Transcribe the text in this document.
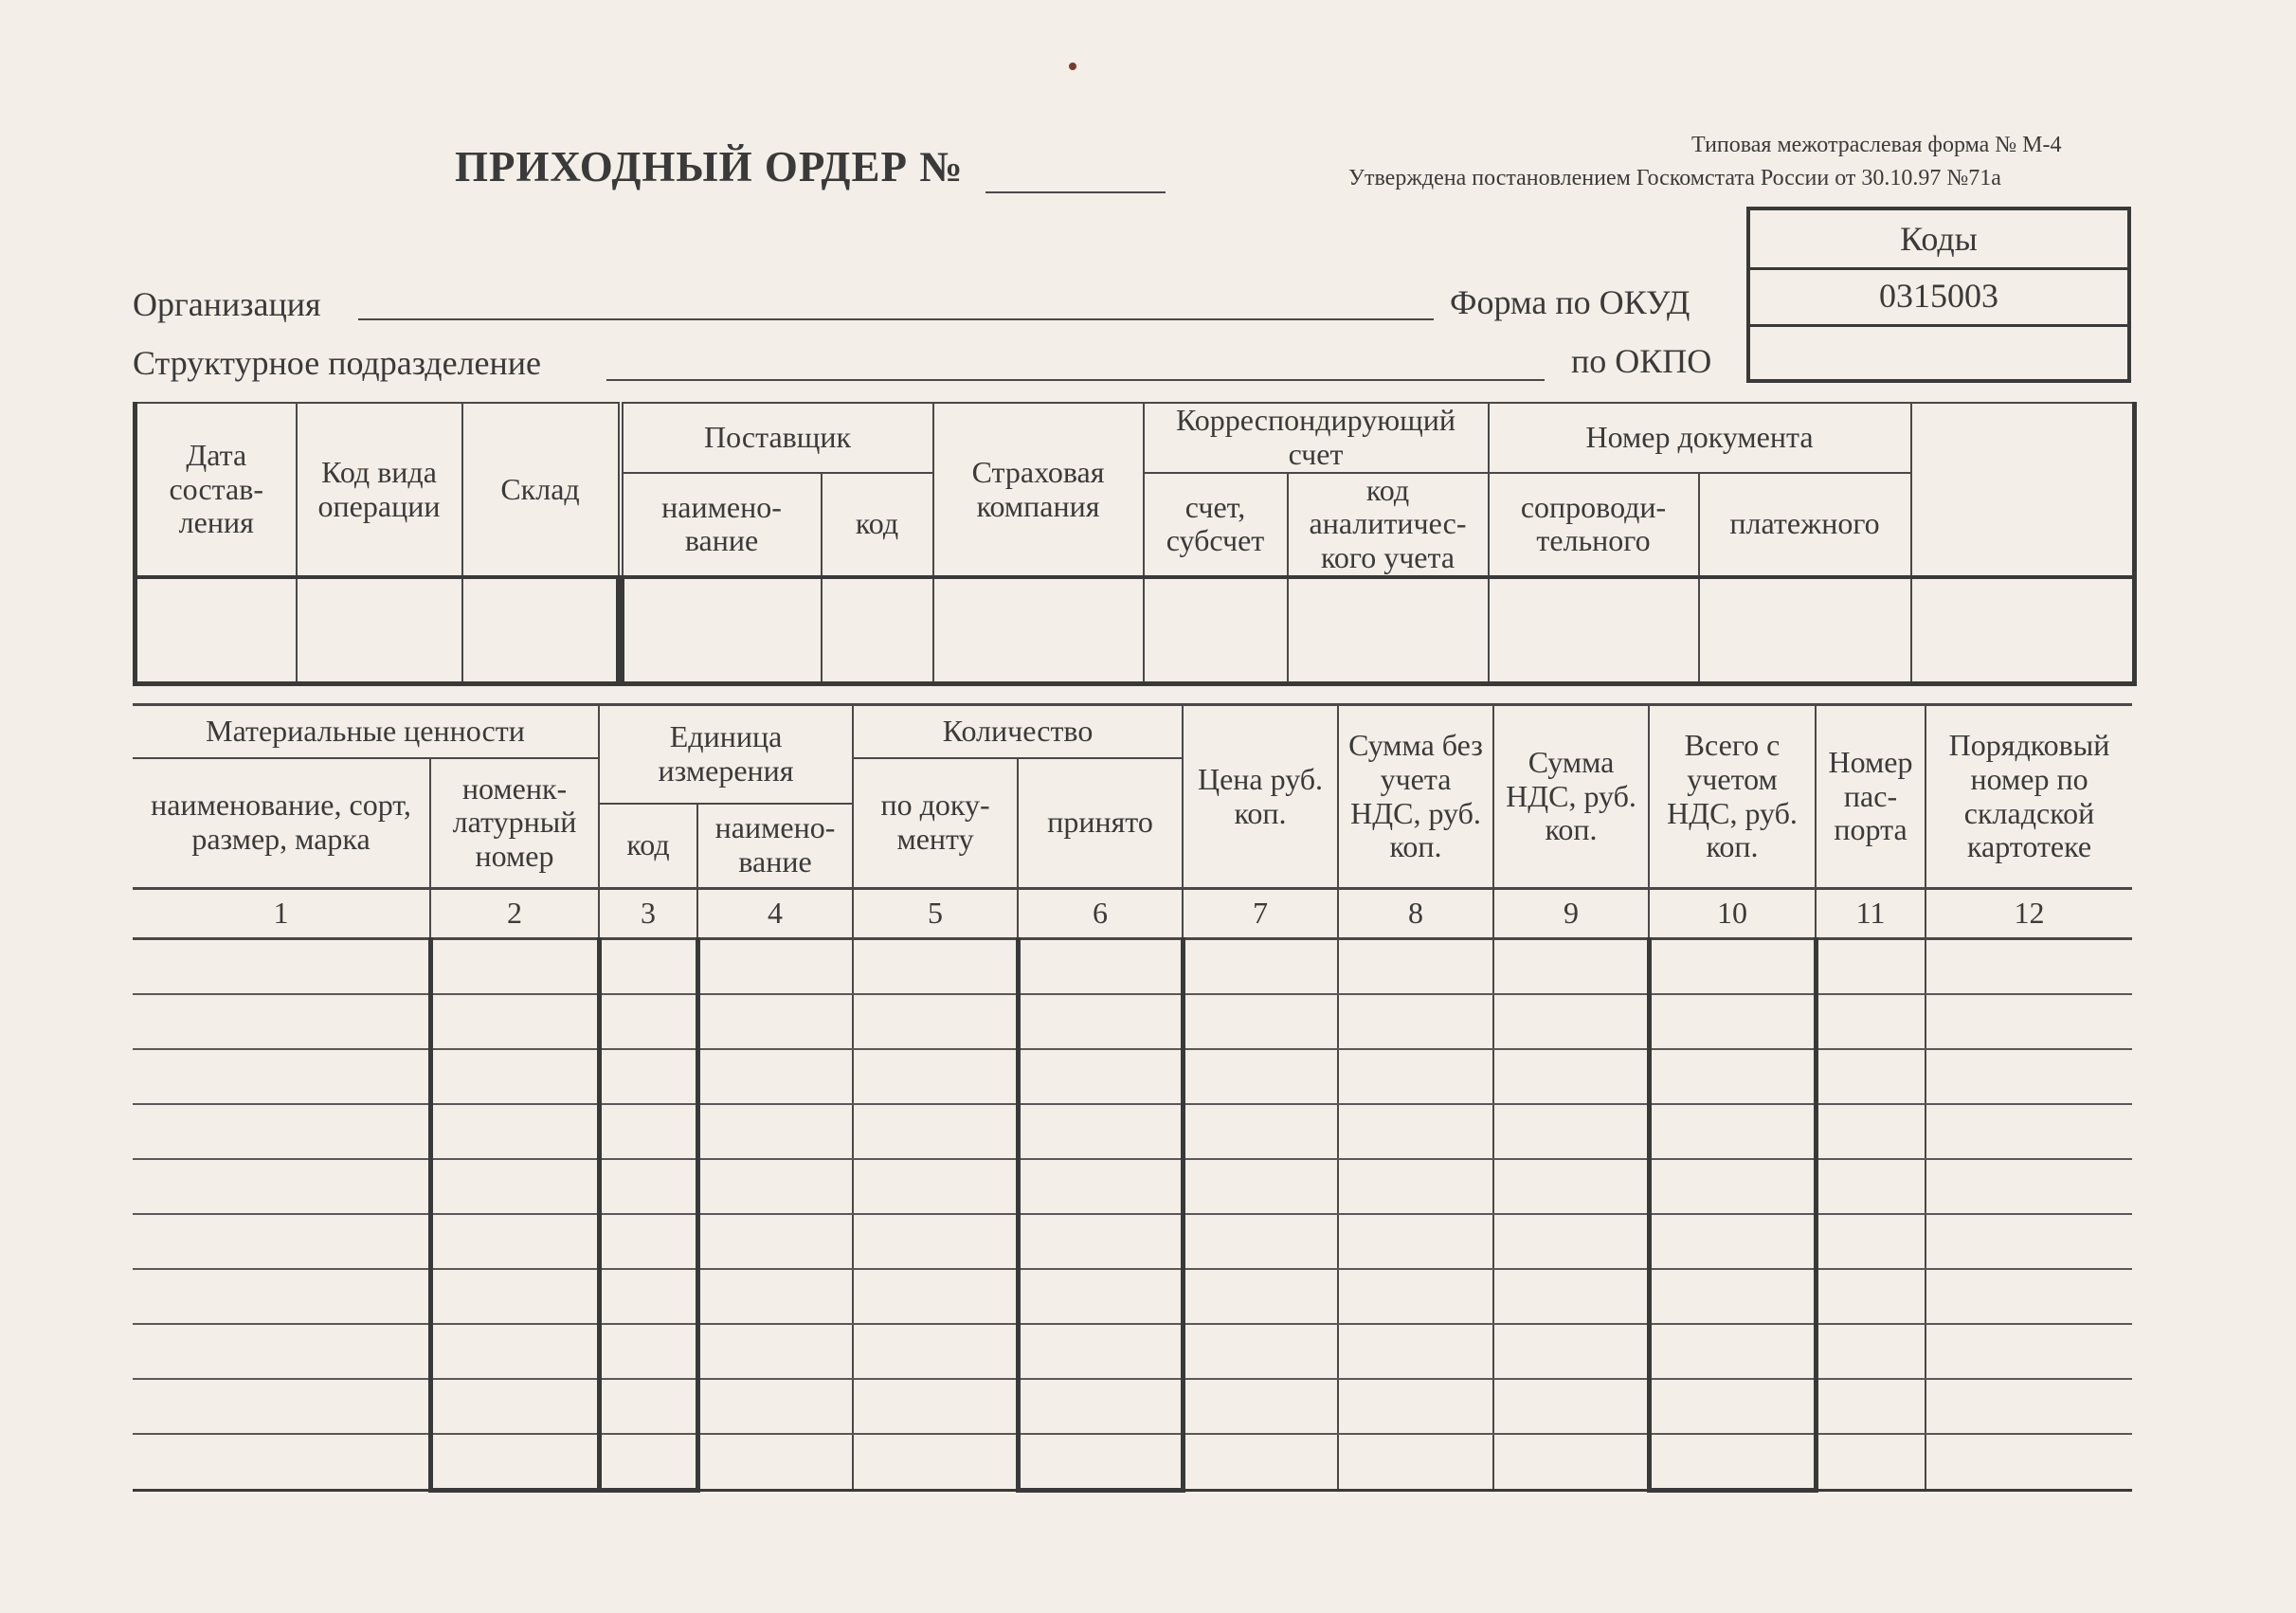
Типовая межотраслевая форма № М-4
Утверждена постановлением Госкомстата России от 30.10.97 №71а
ПРИХОДНЫЙ ОРДЕР №
Организация	Форма по ОКУД
Структурное подразделение	по ОКПО
Коды
0315003
Дата состав-ления	Код вида операции	Склад		Поставщик		Страховая компания	Корреспондирующий счет		Номер документа		
				наимено-вание	код		счет, субсчет	код аналитичес-кого учета	сопроводи-тельного	платежного	

Материальные ценности		Единица измерения		Количество		Цена руб. коп.	Сумма без учета НДС, руб. коп.	Сумма НДС, руб. коп.	Всего с учетом НДС, руб. коп.	Номер пас-порта	Порядковый номер по складской картотеке
наименование, сорт, размер, марка	номенк-латурный номер			по доку-менту	принято						
		код	наимено-вание								
1	2	3	4	5	6	7	8	9	10	11	12
